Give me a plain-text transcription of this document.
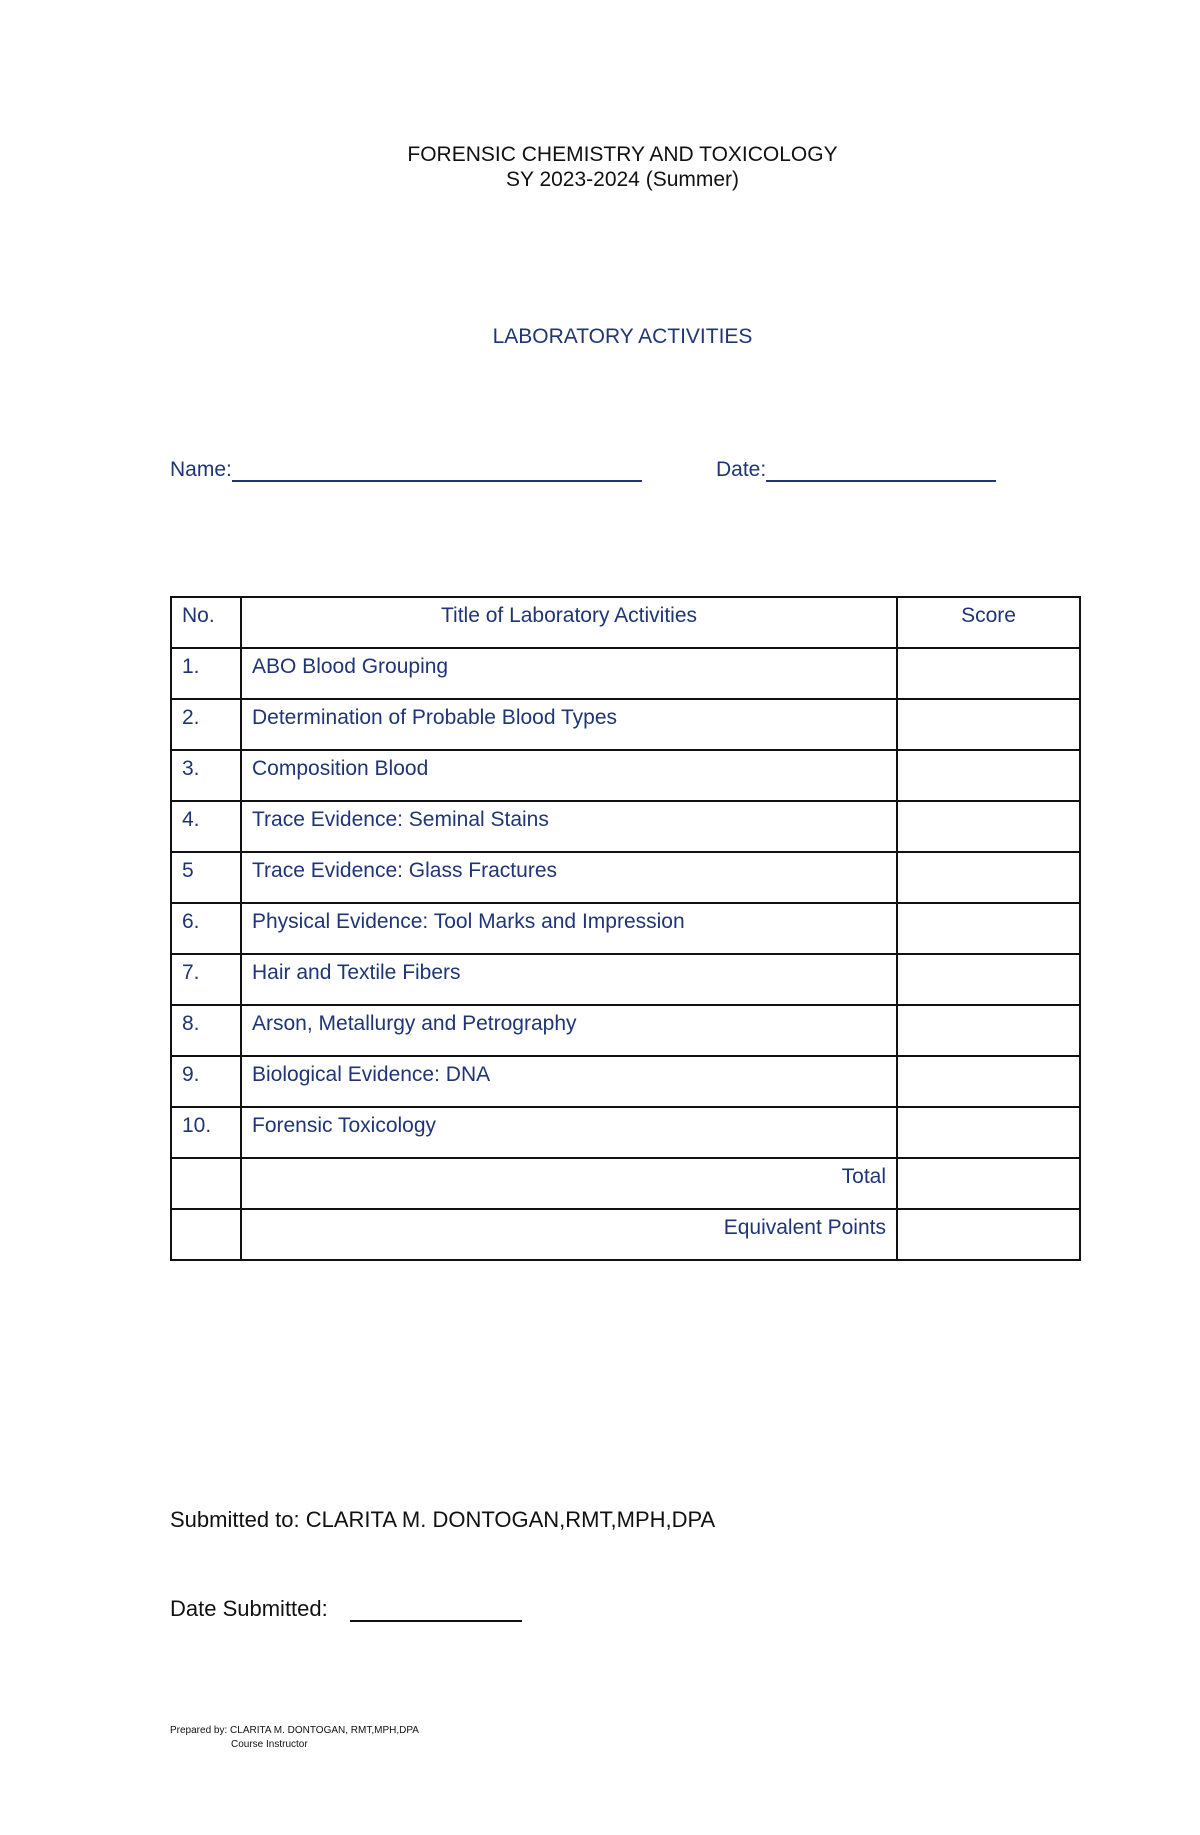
FORENSIC CHEMISTRY AND TOXICOLOGY
SY 2023-2024 (Summer)
LABORATORY ACTIVITIES
Name:	Date:
No.	Title of Laboratory Activities	Score
1.	ABO Blood Grouping	
2.	Determination of Probable Blood Types	
3.	Composition Blood	
4.	Trace Evidence: Seminal Stains	
5	Trace Evidence: Glass Fractures	
6.	Physical Evidence: Tool Marks and Impression	
7.	Hair and Textile Fibers	
8.	Arson, Metallurgy and Petrography	
9.	Biological Evidence: DNA	
10.	Forensic Toxicology	
	Total	
	Equivalent Points	
Submitted to: CLARITA M. DONTOGAN,RMT,MPH,DPA
Date Submitted:
Prepared by: CLARITA M. DONTOGAN, RMT,MPH,DPA
Course Instructor
